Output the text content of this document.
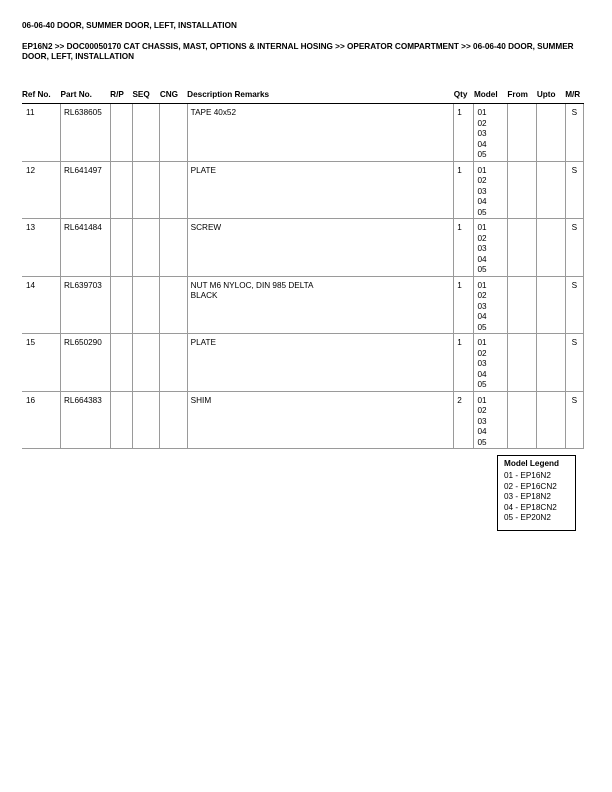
06-06-40 DOOR, SUMMER DOOR, LEFT, INSTALLATION
EP16N2 >> DOC00050170 CAT CHASSIS, MAST, OPTIONS & INTERNAL HOSING >> OPERATOR COMPARTMENT >> 06-06-40 DOOR, SUMMER DOOR, LEFT, INSTALLATION
Ref No.	Part No.	R/P	SEQ	CNG	Description Remarks	Qty	Model	From	Upto	M/R
11	RL638605				TAPE 40x52	1	01
02
03
04
05			S
12	RL641497				PLATE	1	01
02
03
04
05			S
13	RL641484				SCREW	1	01
02
03
04
05			S
14	RL639703				NUT M6 NYLOC, DIN 985 DELTA
BLACK	1	01
02
03
04
05			S
15	RL650290				PLATE	1	01
02
03
04
05			S
16	RL664383				SHIM	2	01
02
03
04
05			S
Model Legend
01 - EP16N2
02 - EP16CN2
03 - EP18N2
04 - EP18CN2
05 - EP20N2
